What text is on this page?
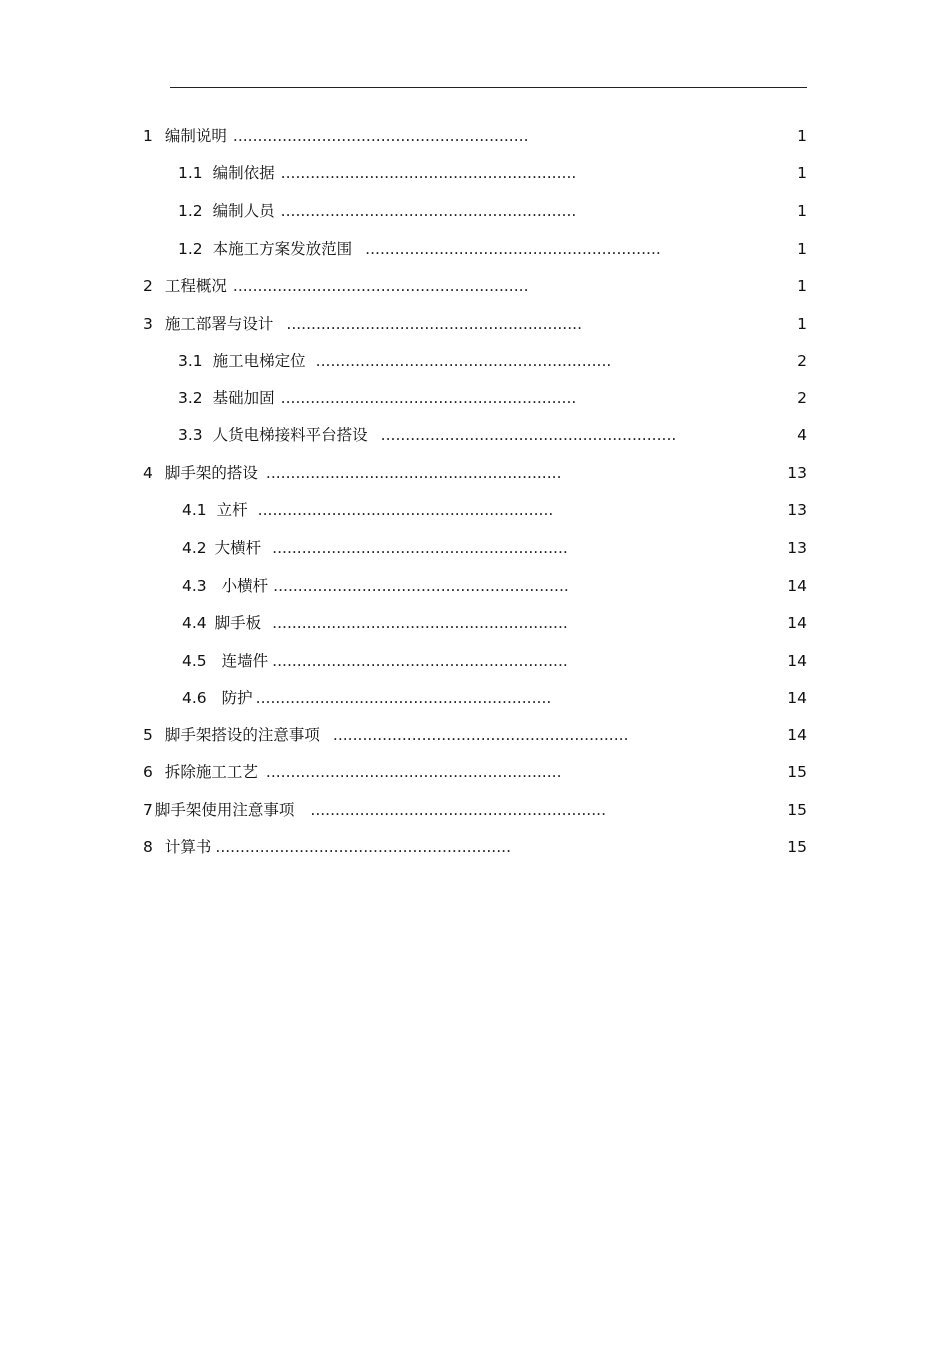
1 编制说明 ............................................................	1
1.1 编制依据 ............................................................	1
1.2 编制人员 ............................................................	1
1.2 本施工方案发放范围 ............................................................	1
2 工程概况 ............................................................	1
3 施工部署与设计 ............................................................	1
3.1 施工电梯定位 ............................................................	2
3.2 基础加固 ............................................................	2
3.3 人货电梯接料平台搭设 ............................................................	4
4 脚手架的搭设 ............................................................	13
4.1 立杆 ............................................................	13
4.2 大横杆 ............................................................	13
4.3 小横杆 ............................................................	14
4.4 脚手板 ............................................................	14
4.5 连墙件 ............................................................	14
4.6 防护 ............................................................	14
5 脚手架搭设的注意事项 ............................................................	14
6 拆除施工工艺 ............................................................	15
7 脚手架使用注意事项 ............................................................	15
8 计算书 ............................................................	15
